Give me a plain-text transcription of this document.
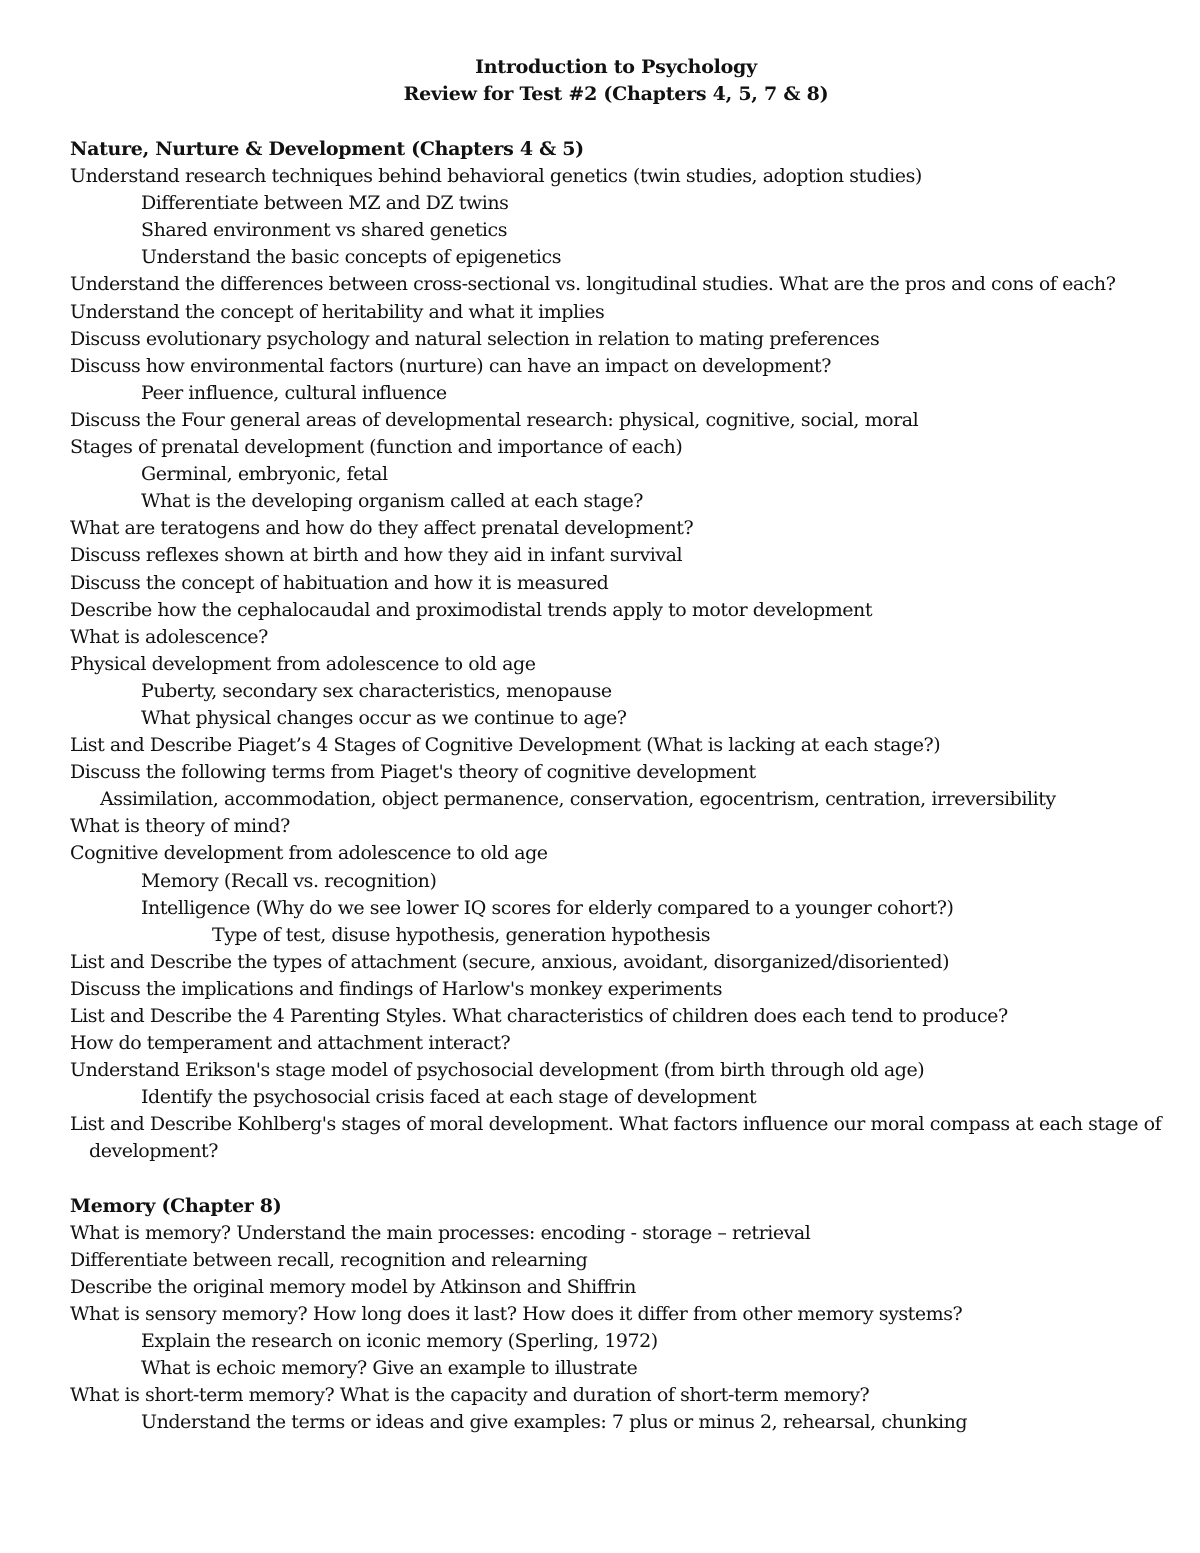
Introduction to Psychology
Review for Test #2 (Chapters 4, 5, 7 & 8)
Nature, Nurture & Development (Chapters 4 & 5)
Understand research techniques behind behavioral genetics (twin studies, adoption studies)
Differentiate between MZ and DZ twins
Shared environment vs shared genetics
Understand the basic concepts of epigenetics
Understand the differences between cross-sectional vs. longitudinal studies. What are the pros and cons of each?
Understand the concept of heritability and what it implies
Discuss evolutionary psychology and natural selection in relation to mating preferences
Discuss how environmental factors (nurture) can have an impact on development?
Peer influence, cultural influence
Discuss the Four general areas of developmental research: physical, cognitive, social, moral
Stages of prenatal development (function and importance of each)
Germinal, embryonic, fetal
What is the developing organism called at each stage?
What are teratogens and how do they affect prenatal development?
Discuss reflexes shown at birth and how they aid in infant survival
Discuss the concept of habituation and how it is measured
Describe how the cephalocaudal and proximodistal trends apply to motor development
What is adolescence?
Physical development from adolescence to old age
Puberty, secondary sex characteristics, menopause
What physical changes occur as we continue to age?
List and Describe Piaget’s 4 Stages of Cognitive Development (What is lacking at each stage?)
Discuss the following terms from Piaget's theory of cognitive development
Assimilation, accommodation, object permanence, conservation, egocentrism, centration, irreversibility
What is theory of mind?
Cognitive development from adolescence to old age
Memory (Recall vs. recognition)
Intelligence (Why do we see lower IQ scores for elderly compared to a younger cohort?)
Type of test, disuse hypothesis, generation hypothesis
List and Describe the types of attachment (secure, anxious, avoidant, disorganized/disoriented)
Discuss the implications and findings of Harlow's monkey experiments
List and Describe the 4 Parenting Styles. What characteristics of children does each tend to produce?
How do temperament and attachment interact?
Understand Erikson's stage model of psychosocial development (from birth through old age)
Identify the psychosocial crisis faced at each stage of development
List and Describe Kohlberg's stages of moral development. What factors influence our moral compass at each stage of development?
Memory (Chapter 8)
What is memory? Understand the main processes: encoding - storage – retrieval
Differentiate between recall, recognition and relearning
Describe the original memory model by Atkinson and Shiffrin
What is sensory memory? How long does it last? How does it differ from other memory systems?
Explain the research on iconic memory (Sperling, 1972)
What is echoic memory? Give an example to illustrate
What is short-term memory? What is the capacity and duration of short-term memory?
Understand the terms or ideas and give examples: 7 plus or minus 2, rehearsal, chunking
